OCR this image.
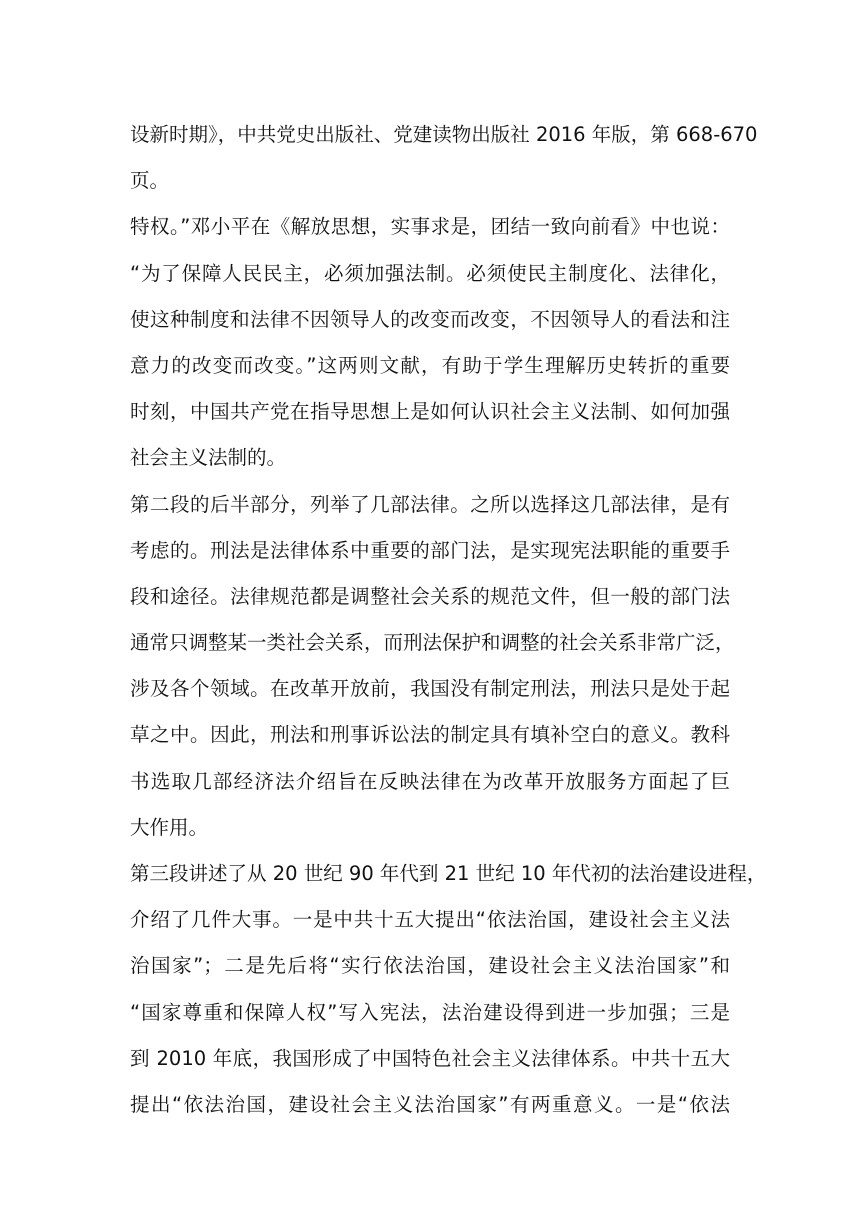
设新时期》，中共党史出版社、党建读物出版社 2016 年版，第 668-670
页。
特权。”邓小平在《解放思想，实事求是，团结一致向前看》中也说：
“为了保障人民民主，必须加强法制。必须使民主制度化、法律化，
使这种制度和法律不因领导人的改变而改变，不因领导人的看法和注
意力的改变而改变。”这两则文献，有助于学生理解历史转折的重要
时刻，中国共产党在指导思想上是如何认识社会主义法制、如何加强
社会主义法制的。
第二段的后半部分，列举了几部法律。之所以选择这几部法律，是有
考虑的。刑法是法律体系中重要的部门法，是实现宪法职能的重要手
段和途径。法律规范都是调整社会关系的规范文件，但一般的部门法
通常只调整某一类社会关系，而刑法保护和调整的社会关系非常广泛，
涉及各个领域。在改革开放前，我国没有制定刑法，刑法只是处于起
草之中。因此，刑法和刑事诉讼法的制定具有填补空白的意义。教科
书选取几部经济法介绍旨在反映法律在为改革开放服务方面起了巨
大作用。
第三段讲述了从 20 世纪 90 年代到 21 世纪 10 年代初的法治建设进程，
介绍了几件大事。一是中共十五大提出“依法治国，建设社会主义法
治国家”；二是先后将“实行依法治国，建设社会主义法治国家”和
“国家尊重和保障人权”写入宪法，法治建设得到进一步加强；三是
到 2010 年底，我国形成了中国特色社会主义法律体系。中共十五大
提出“依法治国，建设社会主义法治国家”有两重意义。一是“依法
